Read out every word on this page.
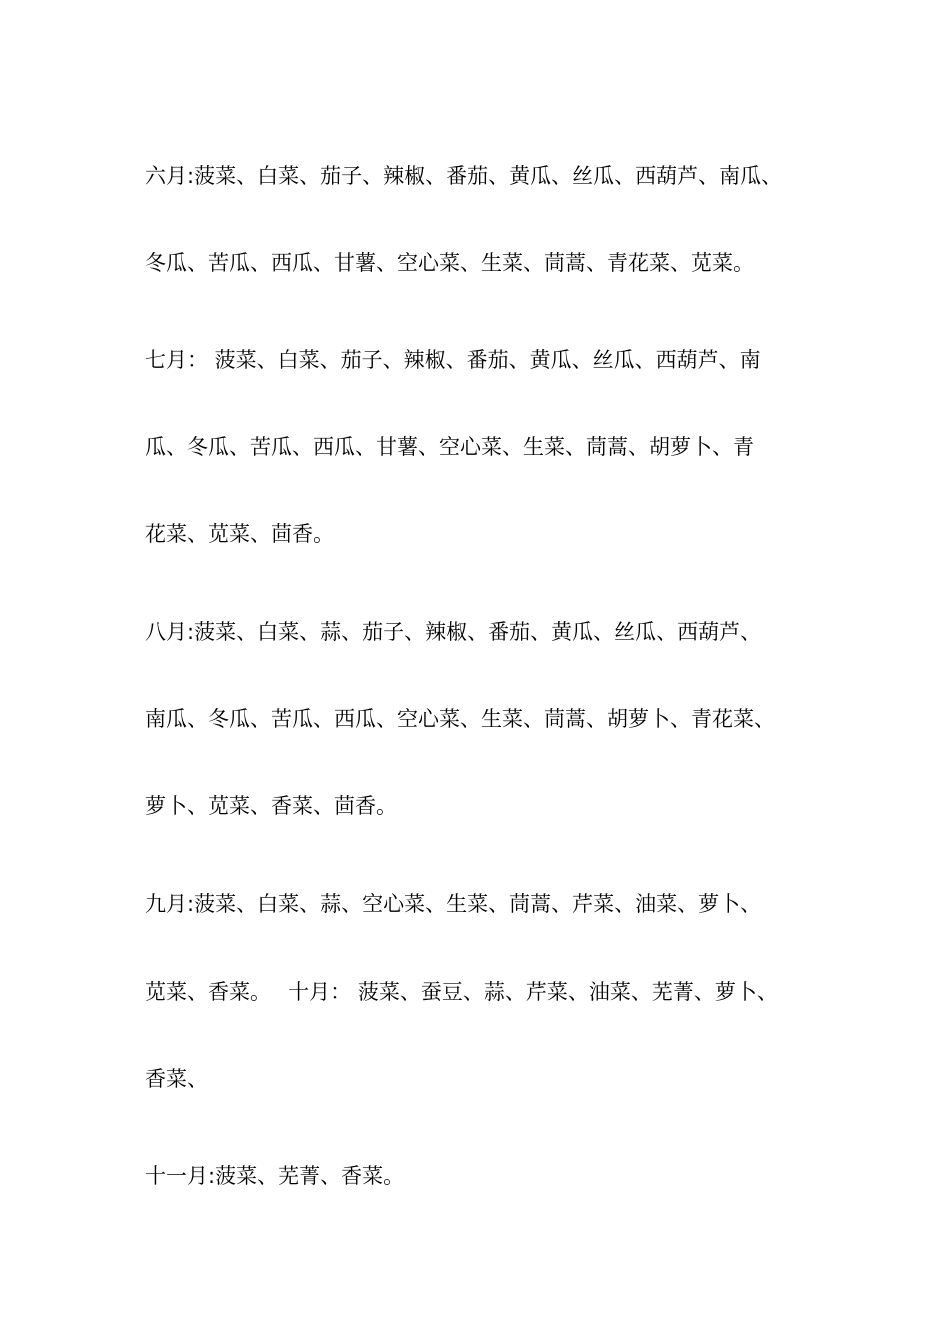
六月:菠菜、白菜、茄子、辣椒、番茄、黄瓜、丝瓜、西葫芦、南瓜、
冬瓜、苦瓜、西瓜、甘薯、空心菜、生菜、茼蒿、青花菜、苋菜。
七月： 菠菜、白菜、茄子、辣椒、番茄、黄瓜、丝瓜、西葫芦、南
瓜、冬瓜、苦瓜、西瓜、甘薯、空心菜、生菜、茼蒿、胡萝卜、青
花菜、苋菜、茴香。
八月:菠菜、白菜、蒜、茄子、辣椒、番茄、黄瓜、丝瓜、西葫芦、
南瓜、冬瓜、苦瓜、西瓜、空心菜、生菜、茼蒿、胡萝卜、青花菜、
萝卜、苋菜、香菜、茴香。
九月:菠菜、白菜、蒜、空心菜、生菜、茼蒿、芹菜、油菜、萝卜、
苋菜、香菜。　 十月： 菠菜、蚕豆、蒜、芹菜、油菜、芜菁、萝卜、
香菜、
十一月:菠菜、芜菁、香菜。
